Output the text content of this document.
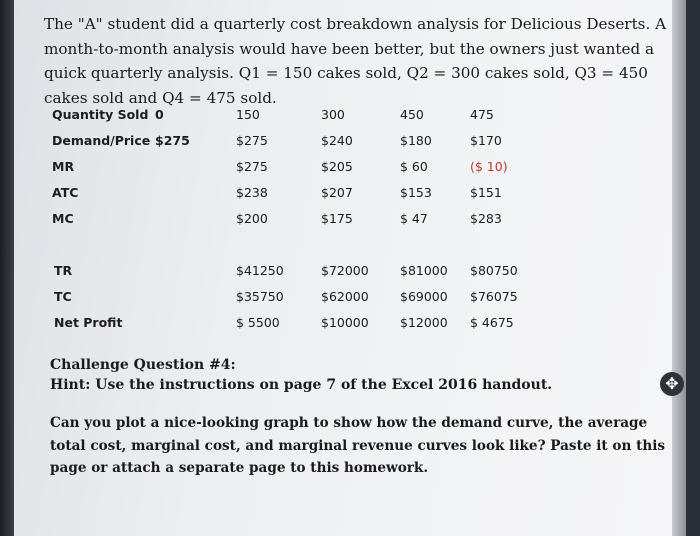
The "A" student did a quarterly cost breakdown analysis for Delicious Deserts. A month-to-month analysis would have been better, but the owners just wanted a quick quarterly analysis. Q1 = 150 cakes sold, Q2 = 300 cakes sold, Q3 = 450 cakes sold and Q4 = 475 sold.

Quantity Sold 0	150	300	450	475
Demand/Price $275	$275	$240	$180	$170
MR	$275	$205	$ 60	($ 10)
ATC	$238	$207	$153	$151
MC	$200	$175	$ 47	$283
TR	$41250	$72000	$81000 $80750
TC	$35750	$62000	$69000 $76075
Net Profit	$ 5500	$10000	$12000 $ 4675

Challenge Question #4:

Hint: Use the instructions on page 7 of the Excel 2016 handout.

Can you plot a nice-looking graph to show how the demand curve, the average total cost, marginal cost, and marginal revenue curves look like? Paste it on this page or attach a separate page to this homework.

✥
